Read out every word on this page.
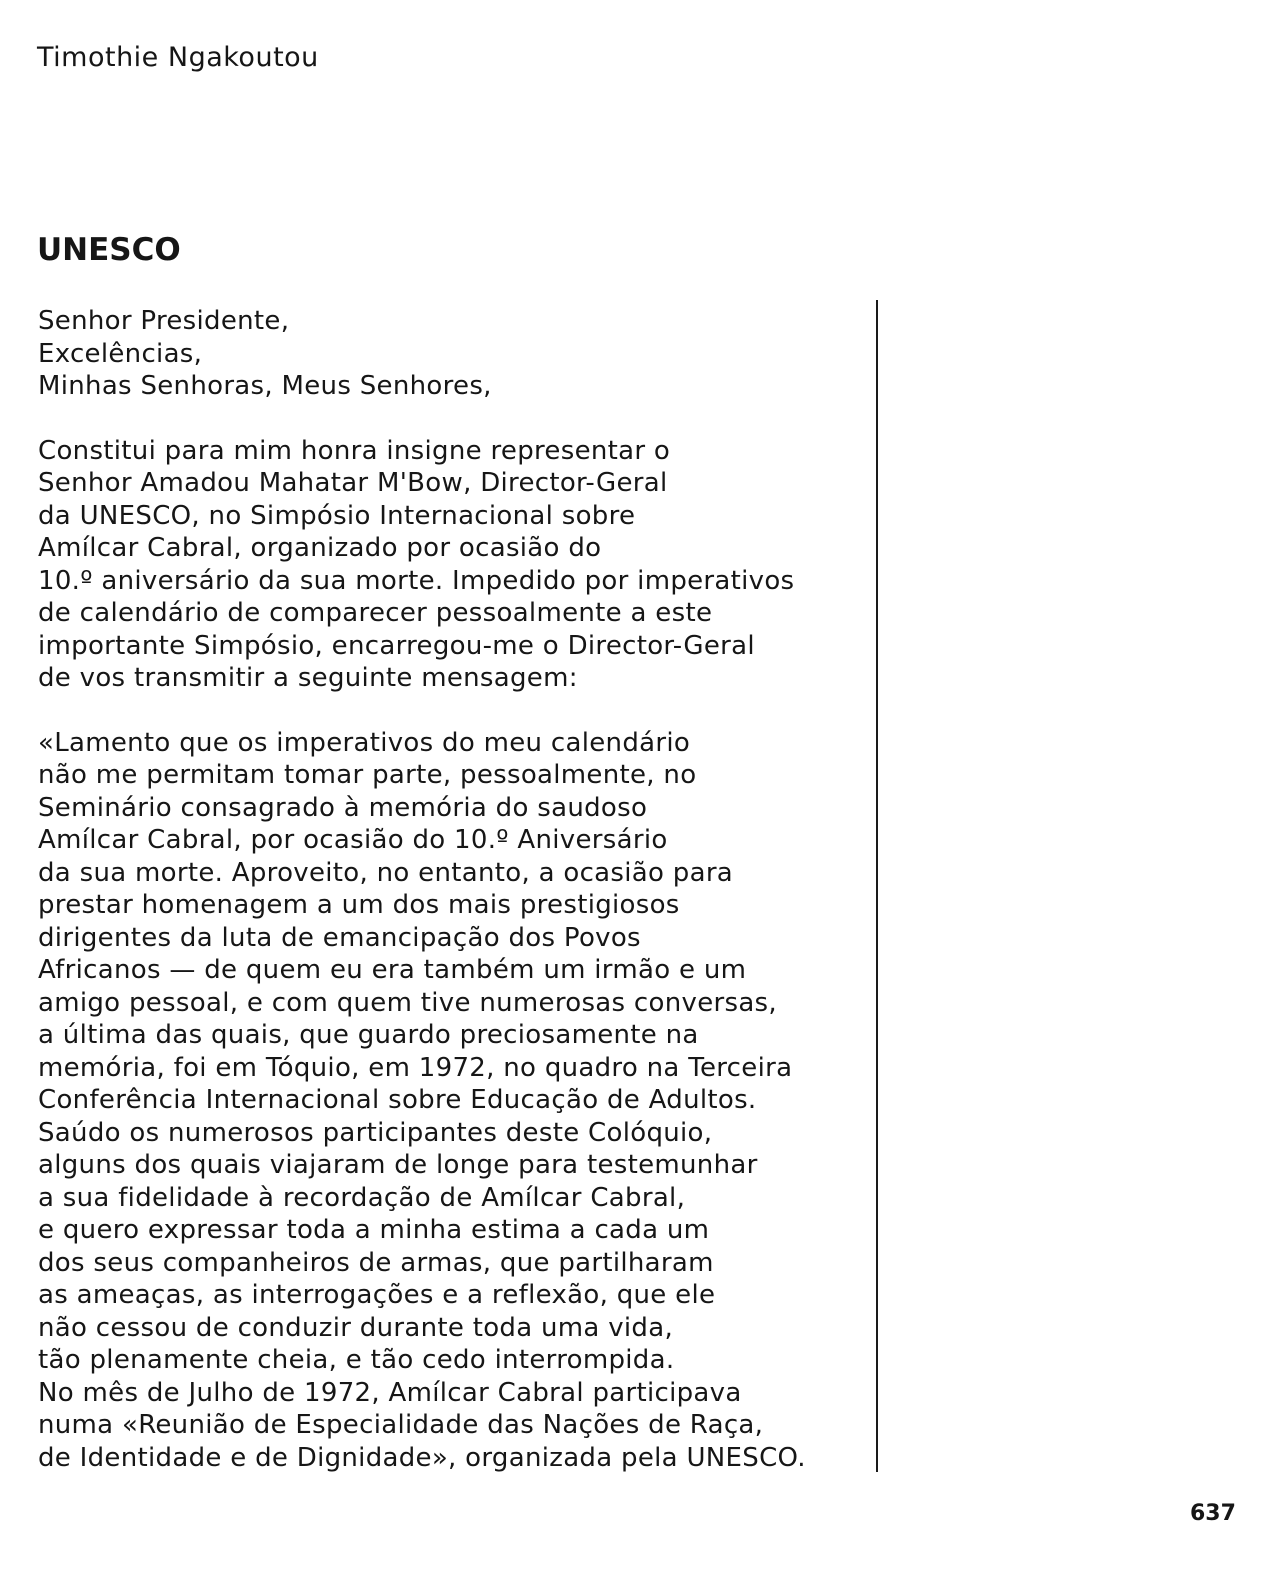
Timothie Ngakoutou
UNESCO
Senhor Presidente,
Excelências,
Minhas Senhoras, Meus Senhores,
Constitui para mim honra insigne representar o
Senhor Amadou Mahatar M'Bow, Director-Geral
da UNESCO, no Simpósio Internacional sobre
Amílcar Cabral, organizado por ocasião do
10.º aniversário da sua morte. Impedido por imperativos
de calendário de comparecer pessoalmente a este
importante Simpósio, encarregou-me o Director-Geral
de vos transmitir a seguinte mensagem:
«Lamento que os imperativos do meu calendário
não me permitam tomar parte, pessoalmente, no
Seminário consagrado à memória do saudoso
Amílcar Cabral, por ocasião do 10.º Aniversário
da sua morte. Aproveito, no entanto, a ocasião para
prestar homenagem a um dos mais prestigiosos
dirigentes da luta de emancipação dos Povos
Africanos — de quem eu era também um irmão e um
amigo pessoal, e com quem tive numerosas conversas,
a última das quais, que guardo preciosamente na
memória, foi em Tóquio, em 1972, no quadro na Terceira
Conferência Internacional sobre Educação de Adultos.
Saúdo os numerosos participantes deste Colóquio,
alguns dos quais viajaram de longe para testemunhar
a sua fidelidade à recordação de Amílcar Cabral,
e quero expressar toda a minha estima a cada um
dos seus companheiros de armas, que partilharam
as ameaças, as interrogações e a reflexão, que ele
não cessou de conduzir durante toda uma vida,
tão plenamente cheia, e tão cedo interrompida.
No mês de Julho de 1972, Amílcar Cabral participava
numa «Reunião de Especialidade das Nações de Raça,
de Identidade e de Dignidade», organizada pela UNESCO.
637
